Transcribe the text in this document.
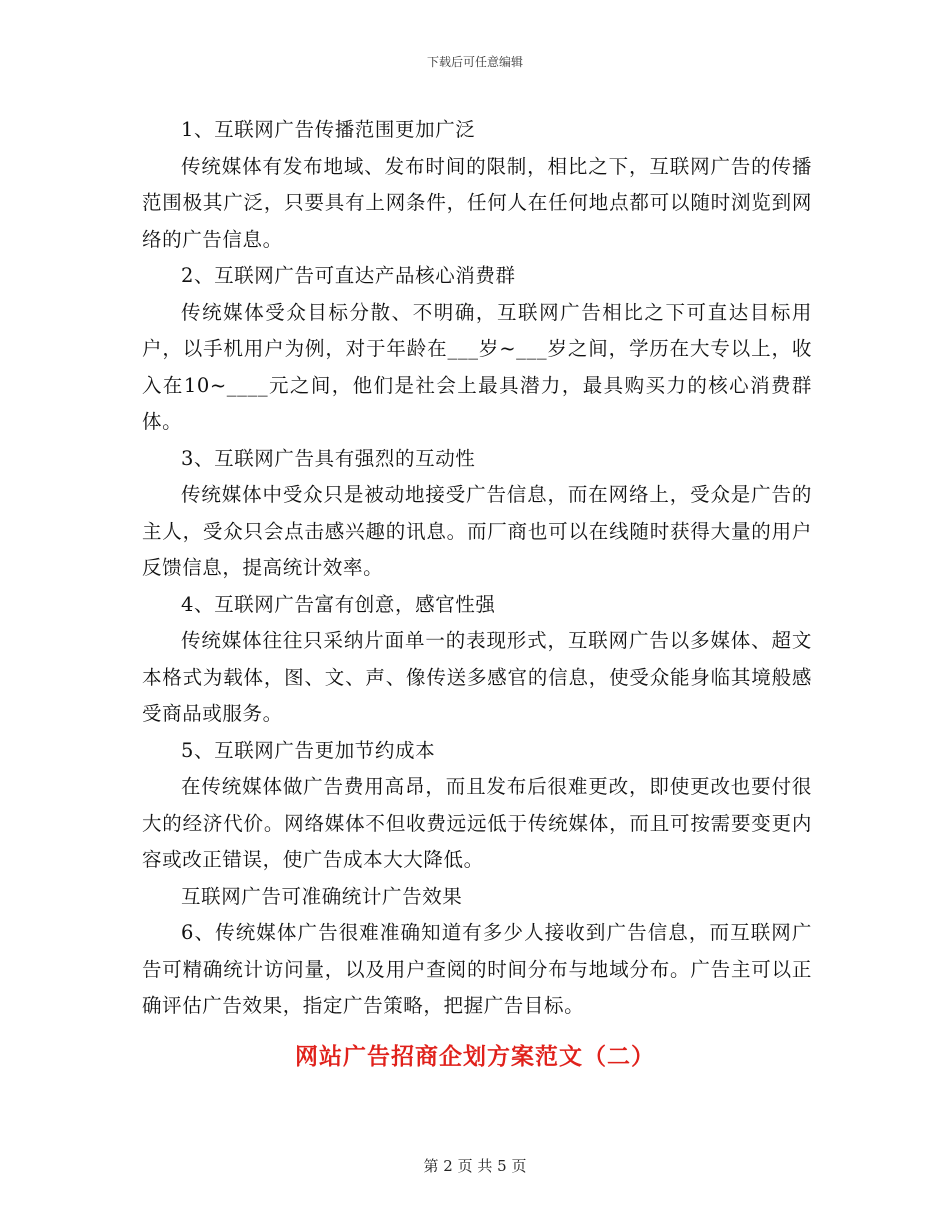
下载后可任意编辑

1、互联网广告传播范围更加广泛

传统媒体有发布地域、发布时间的限制，相比之下，互联网广告的传播范围极其广泛，只要具有上网条件，任何人在任何地点都可以随时浏览到网络的广告信息。

2、互联网广告可直达产品核心消费群

传统媒体受众目标分散、不明确，互联网广告相比之下可直达目标用户，以手机用户为例，对于年龄在___岁~___岁之间，学历在大专以上，收入在10~____元之间，他们是社会上最具潜力，最具购买力的核心消费群体。

3、互联网广告具有强烈的互动性

传统媒体中受众只是被动地接受广告信息，而在网络上，受众是广告的主人，受众只会点击感兴趣的讯息。而厂商也可以在线随时获得大量的用户反馈信息，提高统计效率。

4、互联网广告富有创意，感官性强

传统媒体往往只采纳片面单一的表现形式，互联网广告以多媒体、超文本格式为载体，图、文、声、像传送多感官的信息，使受众能身临其境般感受商品或服务。

5、互联网广告更加节约成本

在传统媒体做广告费用高昂，而且发布后很难更改，即使更改也要付很大的经济代价。网络媒体不但收费远远低于传统媒体，而且可按需要变更内容或改正错误，使广告成本大大降低。

互联网广告可准确统计广告效果

6、传统媒体广告很难准确知道有多少人接收到广告信息，而互联网广告可精确统计访问量，以及用户查阅的时间分布与地域分布。广告主可以正确评估广告效果，指定广告策略，把握广告目标。

网站广告招商企划方案范文（二）
第 2 页 共 5 页
